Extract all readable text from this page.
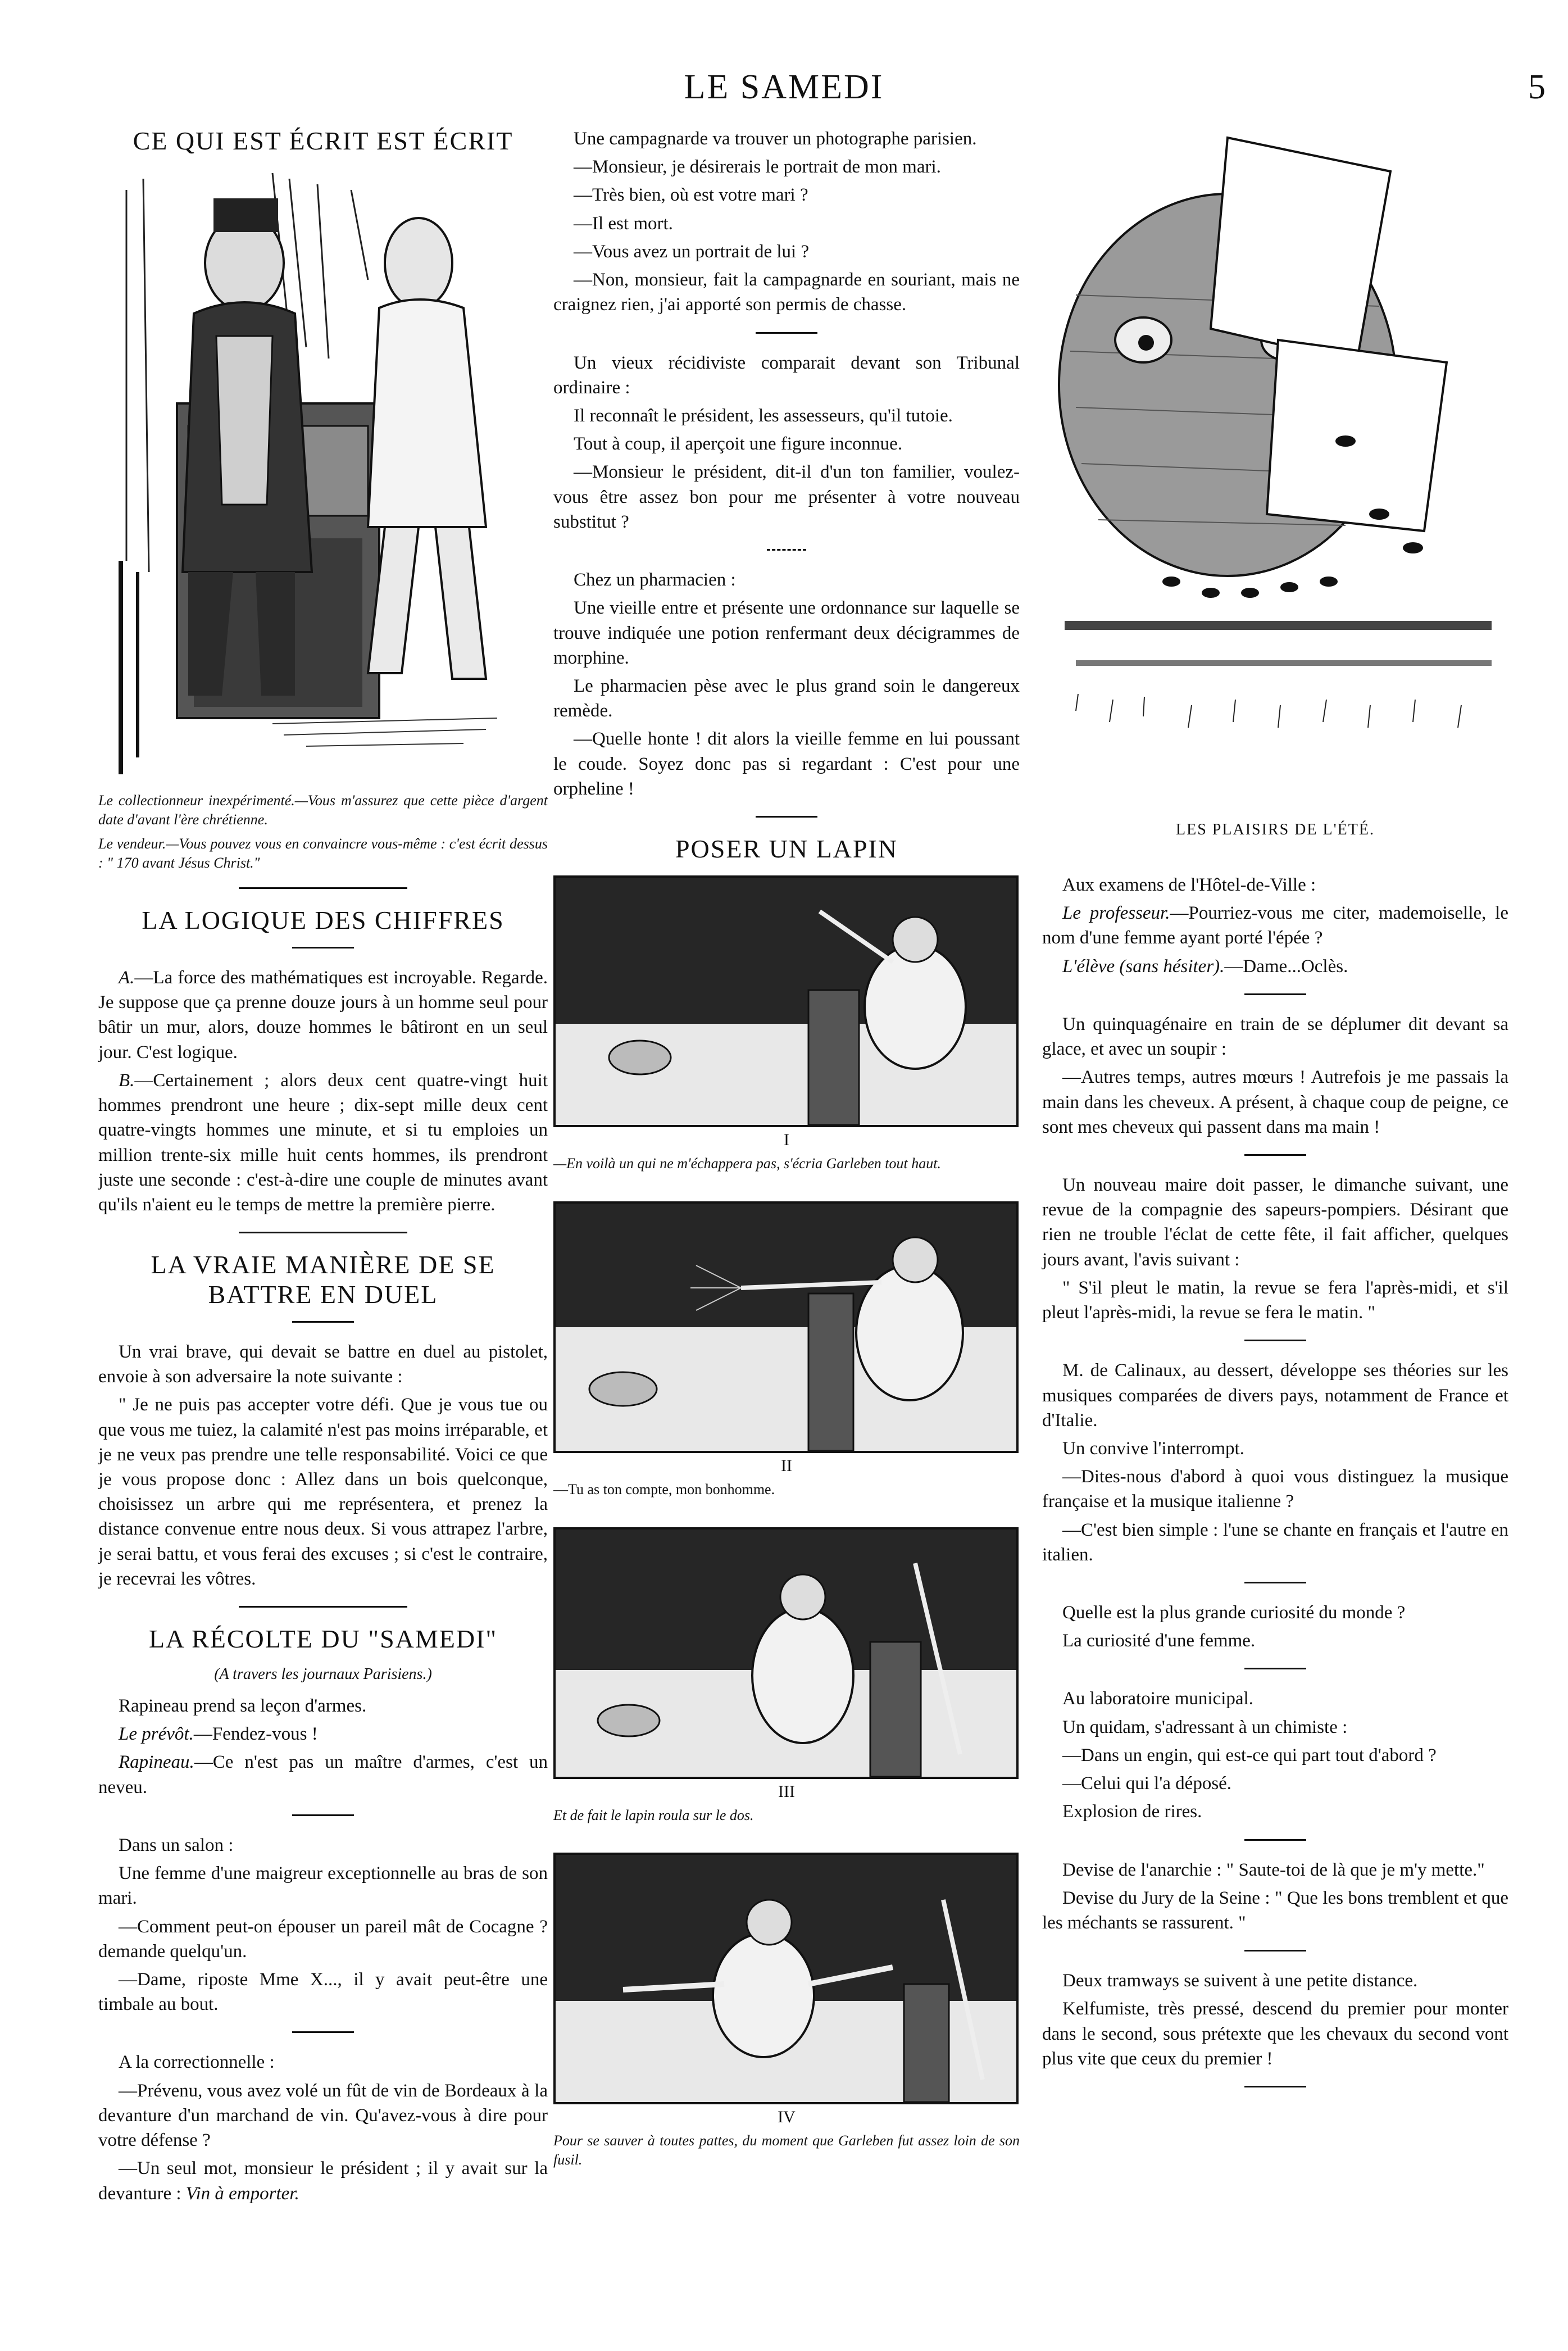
LE SAMEDI	5
CE QUI EST ÉCRIT EST ÉCRIT
Le collectionneur inexpérimenté.—Vous m'assurez que cette pièce d'argent date d'avant l'ère chrétienne.
Le vendeur.—Vous pouvez vous en convaincre vous-même : c'est écrit dessus : " 170 avant Jésus Christ."
LA LOGIQUE DES CHIFFRES

A.—La force des mathématiques est incroyable. Regarde. Je suppose que ça prenne douze jours à un homme seul pour bâtir un mur, alors, douze hommes le bâtiront en un seul jour. C'est logique.

B.—Certainement ; alors deux cent quatre-vingt huit hommes prendront une heure ; dix-sept mille deux cent quatre-vingts hommes une minute, et si tu emploies un million trente-six mille huit cents hommes, ils prendront juste une seconde : c'est-à-dire une couple de minutes avant qu'ils n'aient eu le temps de mettre la première pierre.

LA VRAIE MANIÈRE DE SE BATTRE EN DUEL

Un vrai brave, qui devait se battre en duel au pistolet, envoie à son adversaire la note suivante :

" Je ne puis pas accepter votre défi. Que je vous tue ou que vous me tuiez, la calamité n'est pas moins irréparable, et je ne veux pas prendre une telle responsabilité. Voici ce que je vous propose donc : Allez dans un bois quelconque, choisissez un arbre qui me représentera, et prenez la distance convenue entre nous deux. Si vous attrapez l'arbre, je serai battu, et vous ferai des excuses ; si c'est le contraire, je recevrai les vôtres.

LA RÉCOLTE DU "SAMEDI"
(A travers les journaux Parisiens.)

Rapineau prend sa leçon d'armes.

Le prévôt.—Fendez-vous !

Rapineau.—Ce n'est pas un maître d'armes, c'est un neveu.

Dans un salon :

Une femme d'une maigreur exceptionnelle au bras de son mari.

—Comment peut-on épouser un pareil mât de Cocagne ? demande quelqu'un.

—Dame, riposte Mme X..., il y avait peut-être une timbale au bout.

A la correctionnelle :

—Prévenu, vous avez volé un fût de vin de Bordeaux à la devanture d'un marchand de vin. Qu'avez-vous à dire pour votre défense ?

—Un seul mot, monsieur le président ; il y avait sur la devanture : Vin à emporter.

Une campagnarde va trouver un photographe parisien.

—Monsieur, je désirerais le portrait de mon mari.

—Très bien, où est votre mari ?

—Il est mort.

—Vous avez un portrait de lui ?

—Non, monsieur, fait la campagnarde en souriant, mais ne craignez rien, j'ai apporté son permis de chasse.

Un vieux récidiviste comparait devant son Tribunal ordinaire :

Il reconnaît le président, les assesseurs, qu'il tutoie.

Tout à coup, il aperçoit une figure inconnue.

—Monsieur le président, dit-il d'un ton familier, voulez-vous être assez bon pour me présenter à votre nouveau substitut ?

Chez un pharmacien :

Une vieille entre et présente une ordonnance sur laquelle se trouve indiquée une potion renfermant deux décigrammes de morphine.

Le pharmacien pèse avec le plus grand soin le dangereux remède.

—Quelle honte ! dit alors la vieille femme en lui poussant le coude. Soyez donc pas si regardant : C'est pour une orpheline !

POSER UN LAPIN
I
—En voilà un qui ne m'échappera pas, s'écria Garleben tout haut.
II
—Tu as ton compte, mon bonhomme.
III
Et de fait le lapin roula sur le dos.
IV
Pour se sauver à toutes pattes, du moment que Garleben fut assez loin de son fusil.
LES PLAISIRS DE L'ÉTÉ.

Aux examens de l'Hôtel-de-Ville :

Le professeur.—Pourriez-vous me citer, mademoiselle, le nom d'une femme ayant porté l'épée ?

L'élève (sans hésiter).—Dame...Oclès.

Un quinquagénaire en train de se déplumer dit devant sa glace, et avec un soupir :

—Autres temps, autres mœurs ! Autrefois je me passais la main dans les cheveux. A présent, à chaque coup de peigne, ce sont mes cheveux qui passent dans ma main !

Un nouveau maire doit passer, le dimanche suivant, une revue de la compagnie des sapeurs-pompiers. Désirant que rien ne trouble l'éclat de cette fête, il fait afficher, quelques jours avant, l'avis suivant :

" S'il pleut le matin, la revue se fera l'après-midi, et s'il pleut l'après-midi, la revue se fera le matin. "

M. de Calinaux, au dessert, développe ses théories sur les musiques comparées de divers pays, notamment de France et d'Italie.

Un convive l'interrompt.

—Dites-nous d'abord à quoi vous distinguez la musique française et la musique italienne ?

—C'est bien simple : l'une se chante en français et l'autre en italien.

Quelle est la plus grande curiosité du monde ?

La curiosité d'une femme.

Au laboratoire municipal.

Un quidam, s'adressant à un chimiste :

—Dans un engin, qui est-ce qui part tout d'abord ?

—Celui qui l'a déposé.

Explosion de rires.

Devise de l'anarchie : " Saute-toi de là que je m'y mette."

Devise du Jury de la Seine : " Que les bons tremblent et que les méchants se rassurent. "

Deux tramways se suivent à une petite distance.

Kelfumiste, très pressé, descend du premier pour monter dans le second, sous prétexte que les chevaux du second vont plus vite que ceux du premier !
